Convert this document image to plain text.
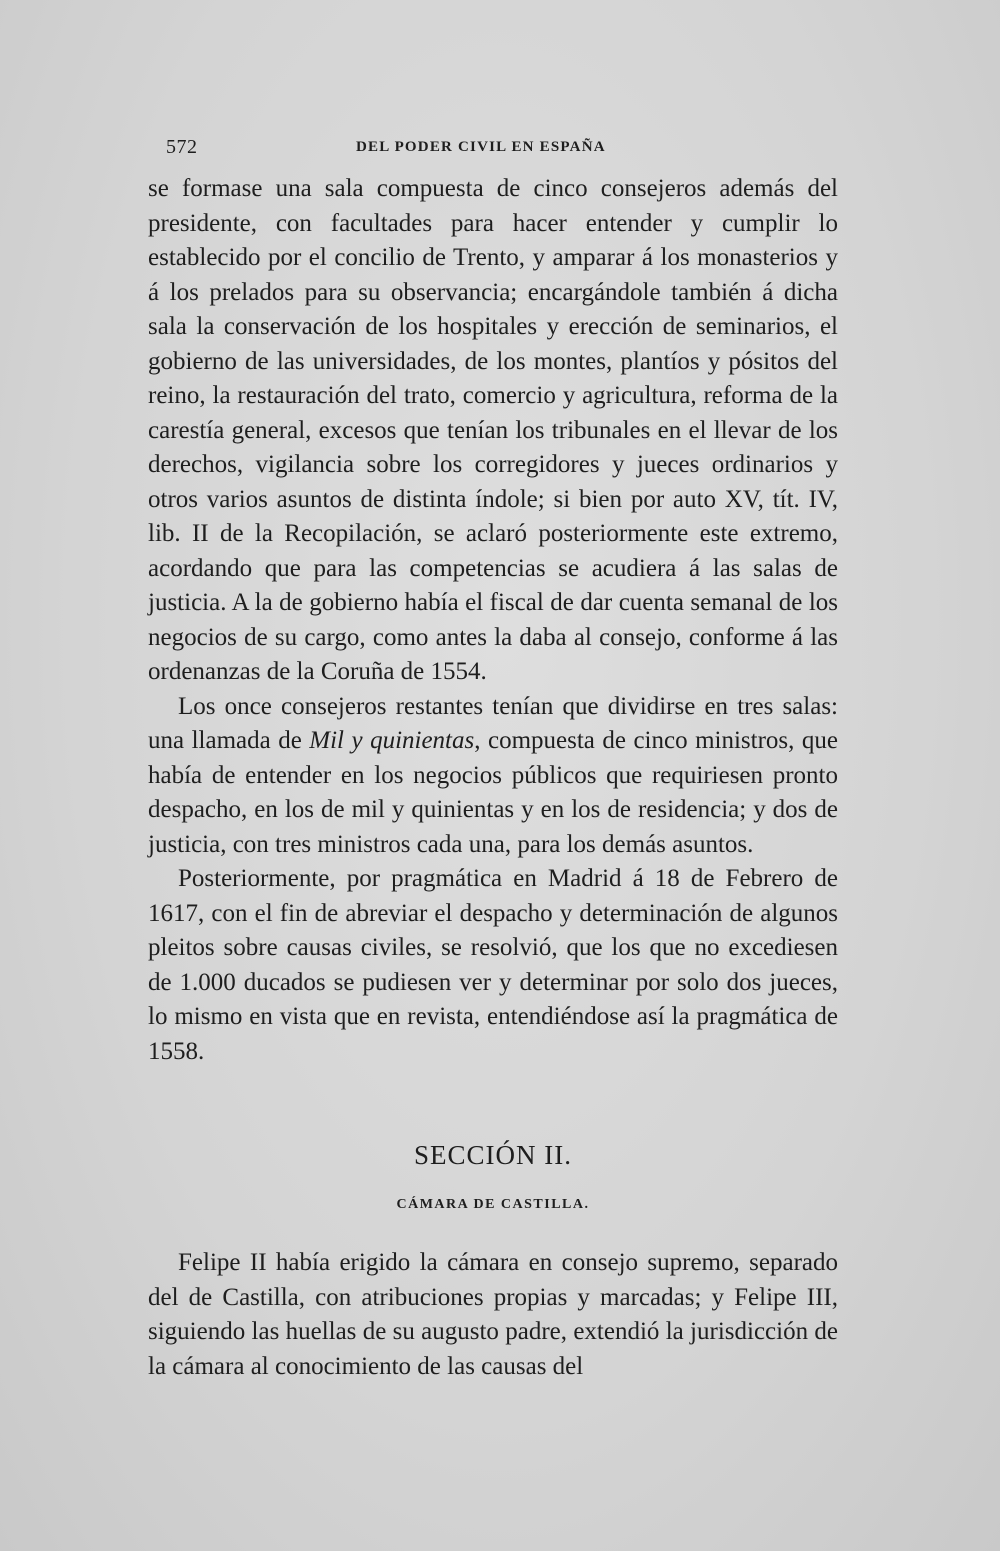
572	DEL PODER CIVIL EN ESPAÑA

se formase una sala compuesta de cinco consejeros además del presidente, con facultades para hacer entender y cumplir lo establecido por el concilio de Trento, y amparar á los monasterios y á los prelados para su observancia; encargándole también á dicha sala la conservación de los hospitales y erección de seminarios, el gobierno de las universidades, de los montes, plantíos y pósitos del reino, la restauración del trato, comercio y agricultura, reforma de la carestía general, excesos que tenían los tribunales en el llevar de los derechos, vigilancia sobre los corregidores y jueces ordinarios y otros varios asuntos de distinta índole; si bien por auto XV, tít. IV, lib. II de la Recopilación, se aclaró posteriormente este extremo, acordando que para las competencias se acudiera á las salas de justicia. A la de gobierno había el fiscal de dar cuenta semanal de los negocios de su cargo, como antes la daba al consejo, conforme á las ordenanzas de la Coruña de 1554.

Los once consejeros restantes tenían que dividirse en tres salas: una llamada de Mil y quinientas, compuesta de cinco ministros, que había de entender en los negocios públicos que requiriesen pronto despacho, en los de mil y quinientas y en los de residencia; y dos de justicia, con tres ministros cada una, para los demás asuntos.

Posteriormente, por pragmática en Madrid á 18 de Febrero de 1617, con el fin de abreviar el despacho y determinación de algunos pleitos sobre causas civiles, se resolvió, que los que no excediesen de 1.000 ducados se pudiesen ver y determinar por solo dos jueces, lo mismo en vista que en revista, entendiéndose así la pragmática de 1558.

SECCIÓN II.
CÁMARA DE CASTILLA.

Felipe II había erigido la cámara en consejo supremo, separado del de Castilla, con atribuciones propias y marcadas; y Felipe III, siguiendo las huellas de su augusto padre, extendió la jurisdicción de la cámara al conocimiento de las causas del
